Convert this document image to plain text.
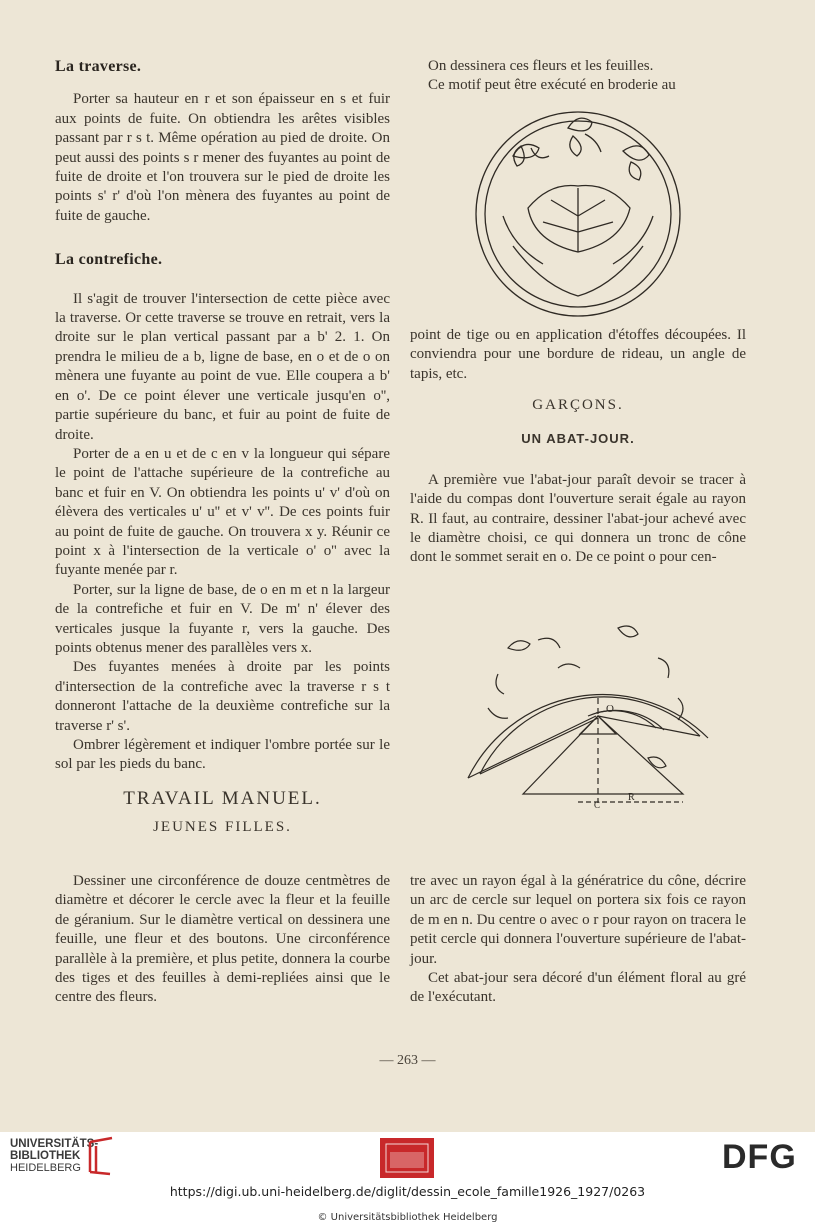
La traverse.

Porter sa hauteur en r et son épaisseur en s et fuir aux points de fuite. On obtiendra les arêtes visibles passant par r s t. Même opération au pied de droite. On peut aussi des points s r mener des fuyantes au point de fuite de droite et l'on trouvera sur le pied de droite les points s' r' d'où l'on mènera des fuyantes au point de fuite de gauche.

La contrefiche.

Il s'agit de trouver l'intersection de cette pièce avec la traverse. Or cette traverse se trouve en retrait, vers la droite sur le plan vertical passant par a b' 2. 1. On prendra le milieu de a b, ligne de base, en o et de o on mènera une fuyante au point de vue. Elle coupera a b' en o'. De ce point élever une verticale jusqu'en o'', partie supérieure du banc, et fuir au point de fuite de droite.

Porter de a en u et de c en v la longueur qui sépare le point de l'attache supérieure de la contrefiche au banc et fuir en V. On obtiendra les points u' v' d'où on élèvera des verticales u' u'' et v' v''. De ces points fuir au point de fuite de gauche. On trouvera x y. Réunir ce point x à l'intersection de la verticale o' o'' avec la fuyante menée par r.

Porter, sur la ligne de base, de o en m et n la largeur de la contrefiche et fuir en V. De m' n' élever des verticales jusque la fuyante r, vers la gauche. Des points obtenus mener des parallèles vers x.

Des fuyantes menées à droite par les points d'intersection de la contrefiche avec la traverse r s t donneront l'attache de la deuxième contrefiche sur la traverse r' s'.

Ombrer légèrement et indiquer l'ombre portée sur le sol par les pieds du banc.

TRAVAIL MANUEL.
JEUNES FILLES.

Dessiner une circonférence de douze centmètres de diamètre et décorer le cercle avec la fleur et la feuille de géranium. Sur le diamètre vertical on dessinera une feuille, une fleur et des boutons. Une circonférence parallèle à la première, et plus petite, donnera la courbe des tiges et des feuilles à demi-repliées ainsi que le centre des fleurs.

On dessinera ces fleurs et les feuilles.

Ce motif peut être exécuté en broderie au

point de tige ou en application d'étoffes découpées. Il conviendra pour une bordure de rideau, un angle de tapis, etc.

GARÇONS.
UN ABAT-JOUR.

A première vue l'abat-jour paraît devoir se tracer à l'aide du compas dont l'ouverture serait égale au rayon R. Il faut, au contraire, dessiner l'abat-jour achevé avec le diamètre choisi, ce qui donnera un tronc de cône dont le sommet serait en o. De ce point o pour cen-

O
R
C

tre avec un rayon égal à la génératrice du cône, décrire un arc de cercle sur lequel on portera six fois ce rayon de m en n. Du centre o avec o r pour rayon on tracera le petit cercle qui donnera l'ouverture supérieure de l'abat-jour.

Cet abat-jour sera décoré d'un élément floral au gré de l'exécutant.

— 263 —
UNIVERSITÄTS-
BIBLIOTHEK
HEIDELBERG	DFG
https://digi.ub.uni-heidelberg.de/diglit/dessin_ecole_famille1926_1927/0263
© Universitätsbibliothek Heidelberg
